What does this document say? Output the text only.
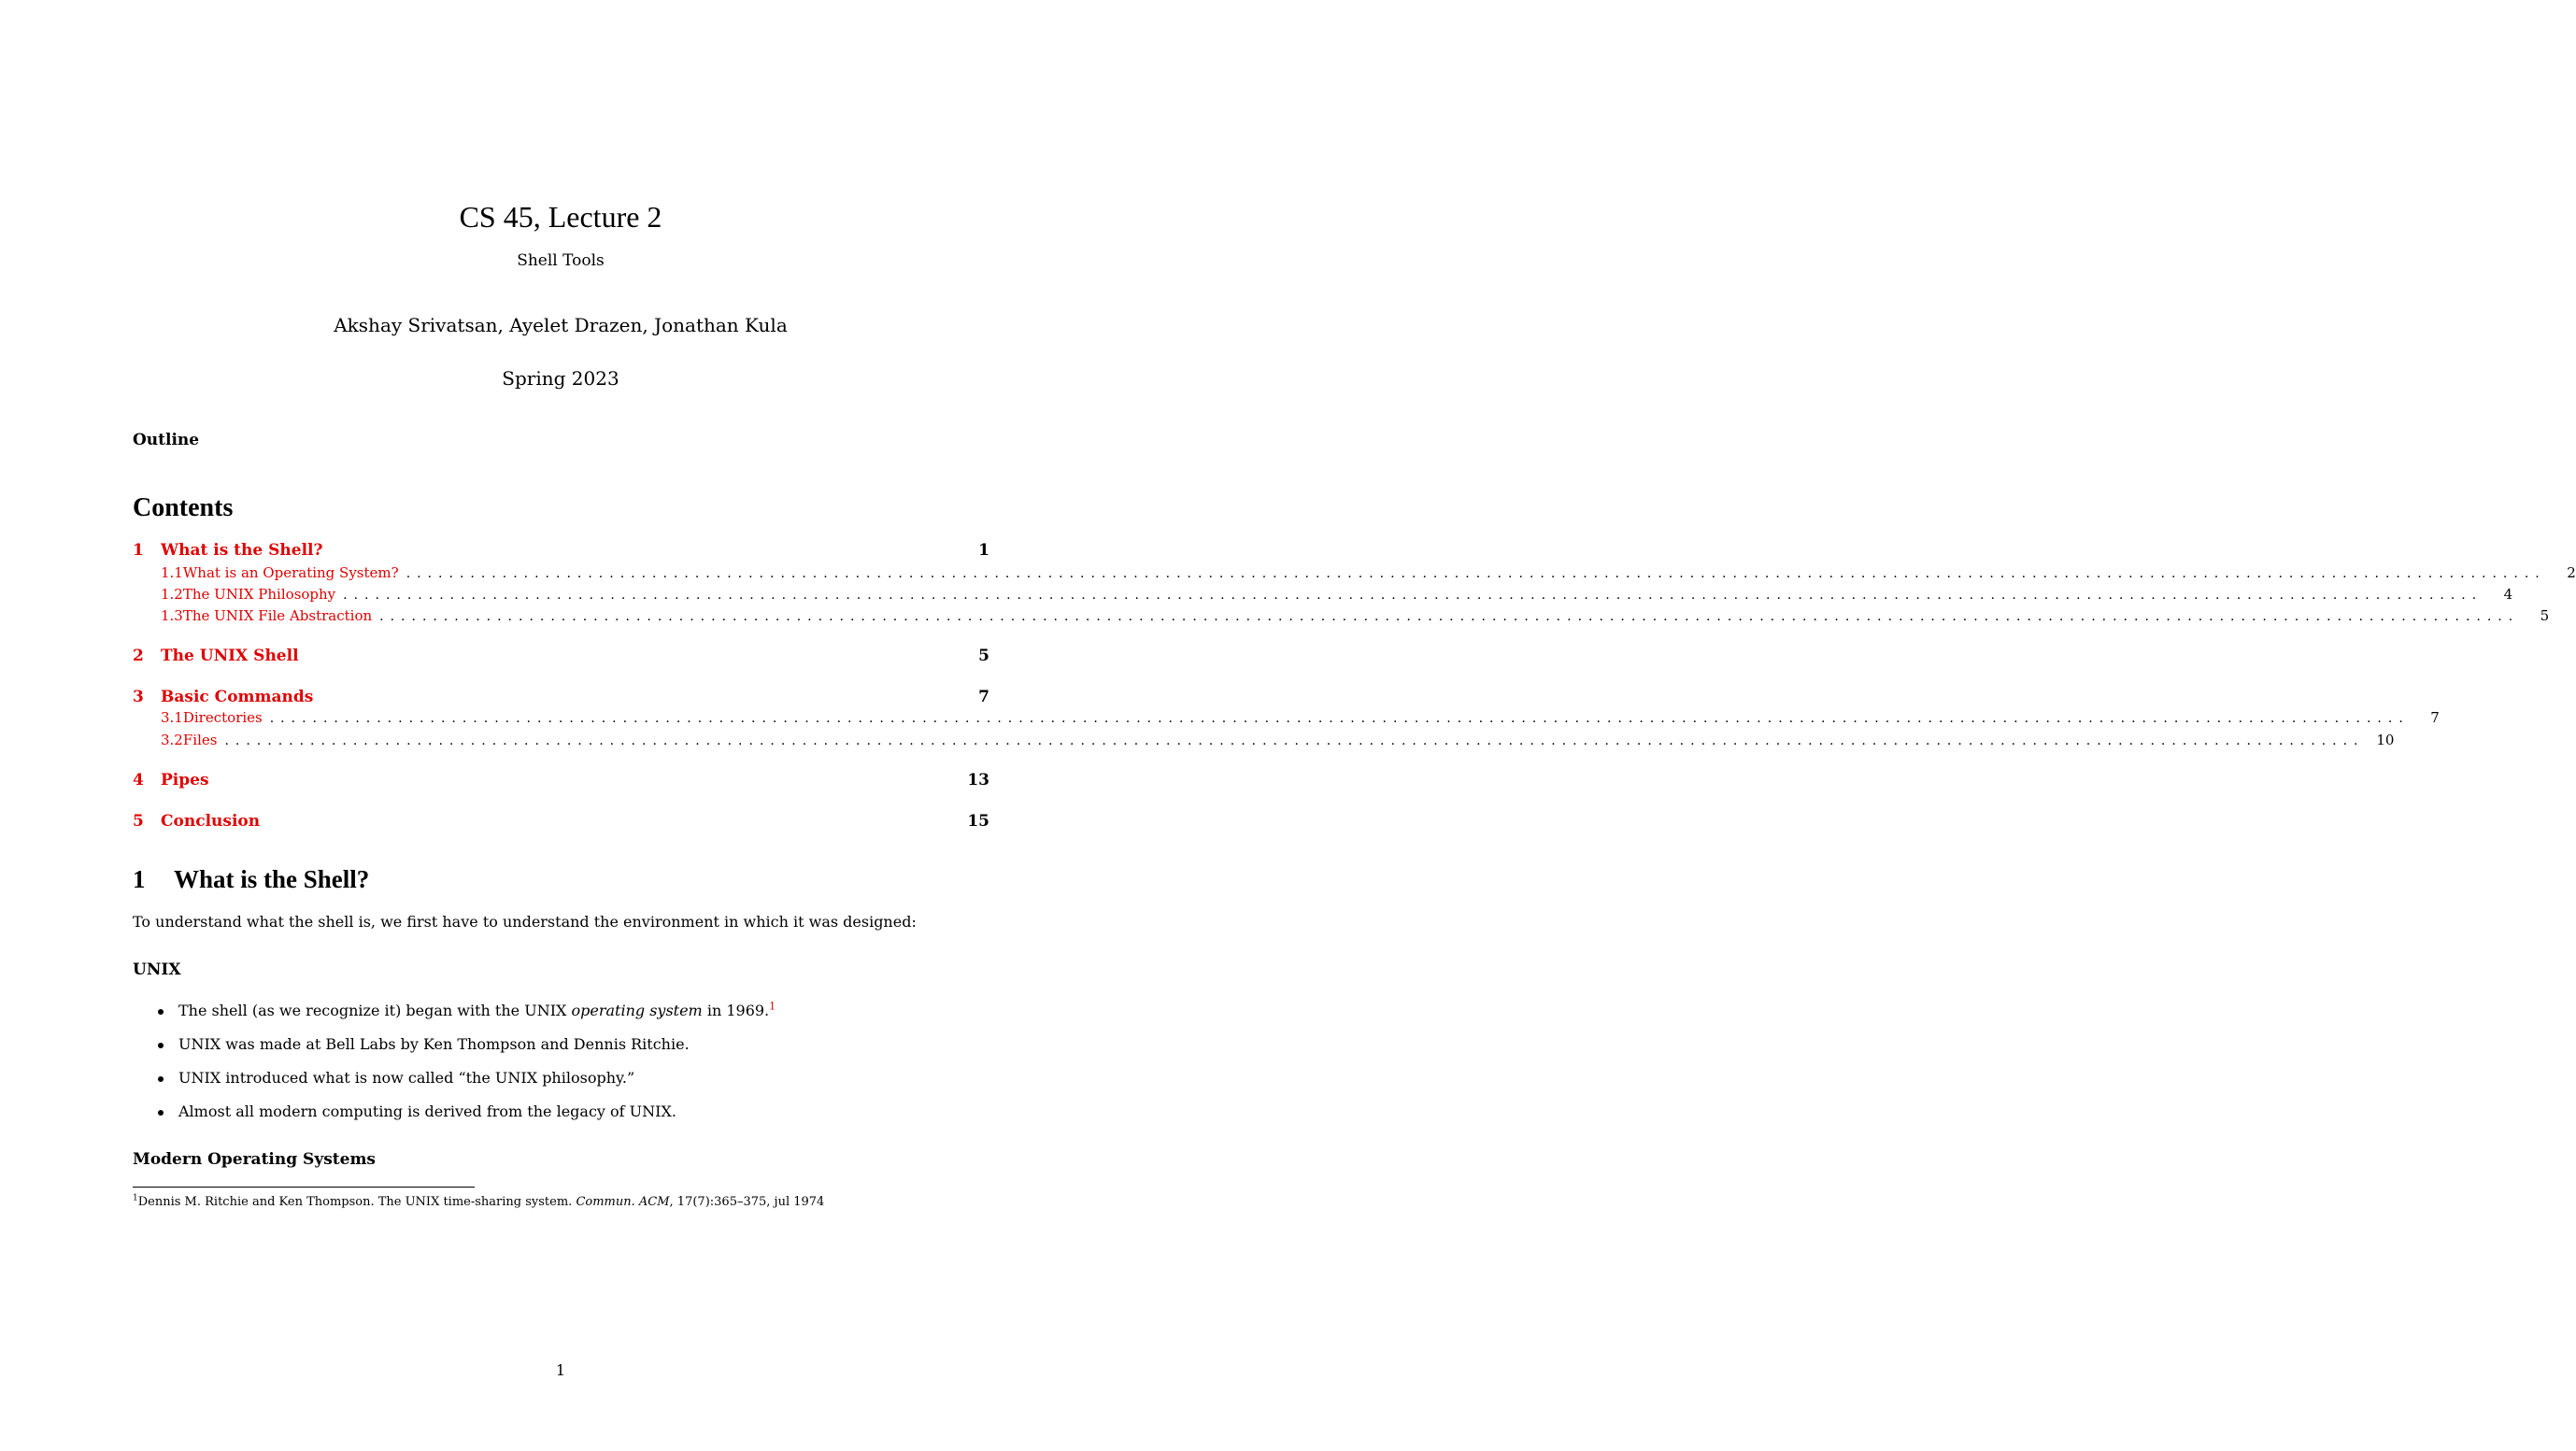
CS 45, Lecture 2
Shell Tools
Akshay Srivatsan, Ayelet Drazen, Jonathan Kula
Spring 2023
Outline
Contents
1	What is the Shell?	1
1.1 What is an Operating System? ........................................................................................................................................................................................................	2
1.2 The UNIX Philosophy ........................................................................................................................................................................................................	4
1.3 The UNIX File Abstraction ........................................................................................................................................................................................................	5
2	The UNIX Shell	5
3	Basic Commands	7
3.1 Directories ........................................................................................................................................................................................................	7
3.2 Files ........................................................................................................................................................................................................ 10
4	Pipes	13
5	Conclusion	15
1 What is the Shell?
To understand what the shell is, we first have to understand the environment in which it was designed:
UNIX
The shell (as we recognize it) began with the UNIX operating system in 1969.$^1$
UNIX was made at Bell Labs by Ken Thompson and Dennis Ritchie.
UNIX introduced what is now called “the UNIX philosophy.”
Almost all modern computing is derived from the legacy of UNIX.
Modern Operating Systems
$^1$Dennis M. Ritchie and Ken Thompson. The UNIX time-sharing system. Commun. ACM, 17(7):365–375, jul 1974
1
